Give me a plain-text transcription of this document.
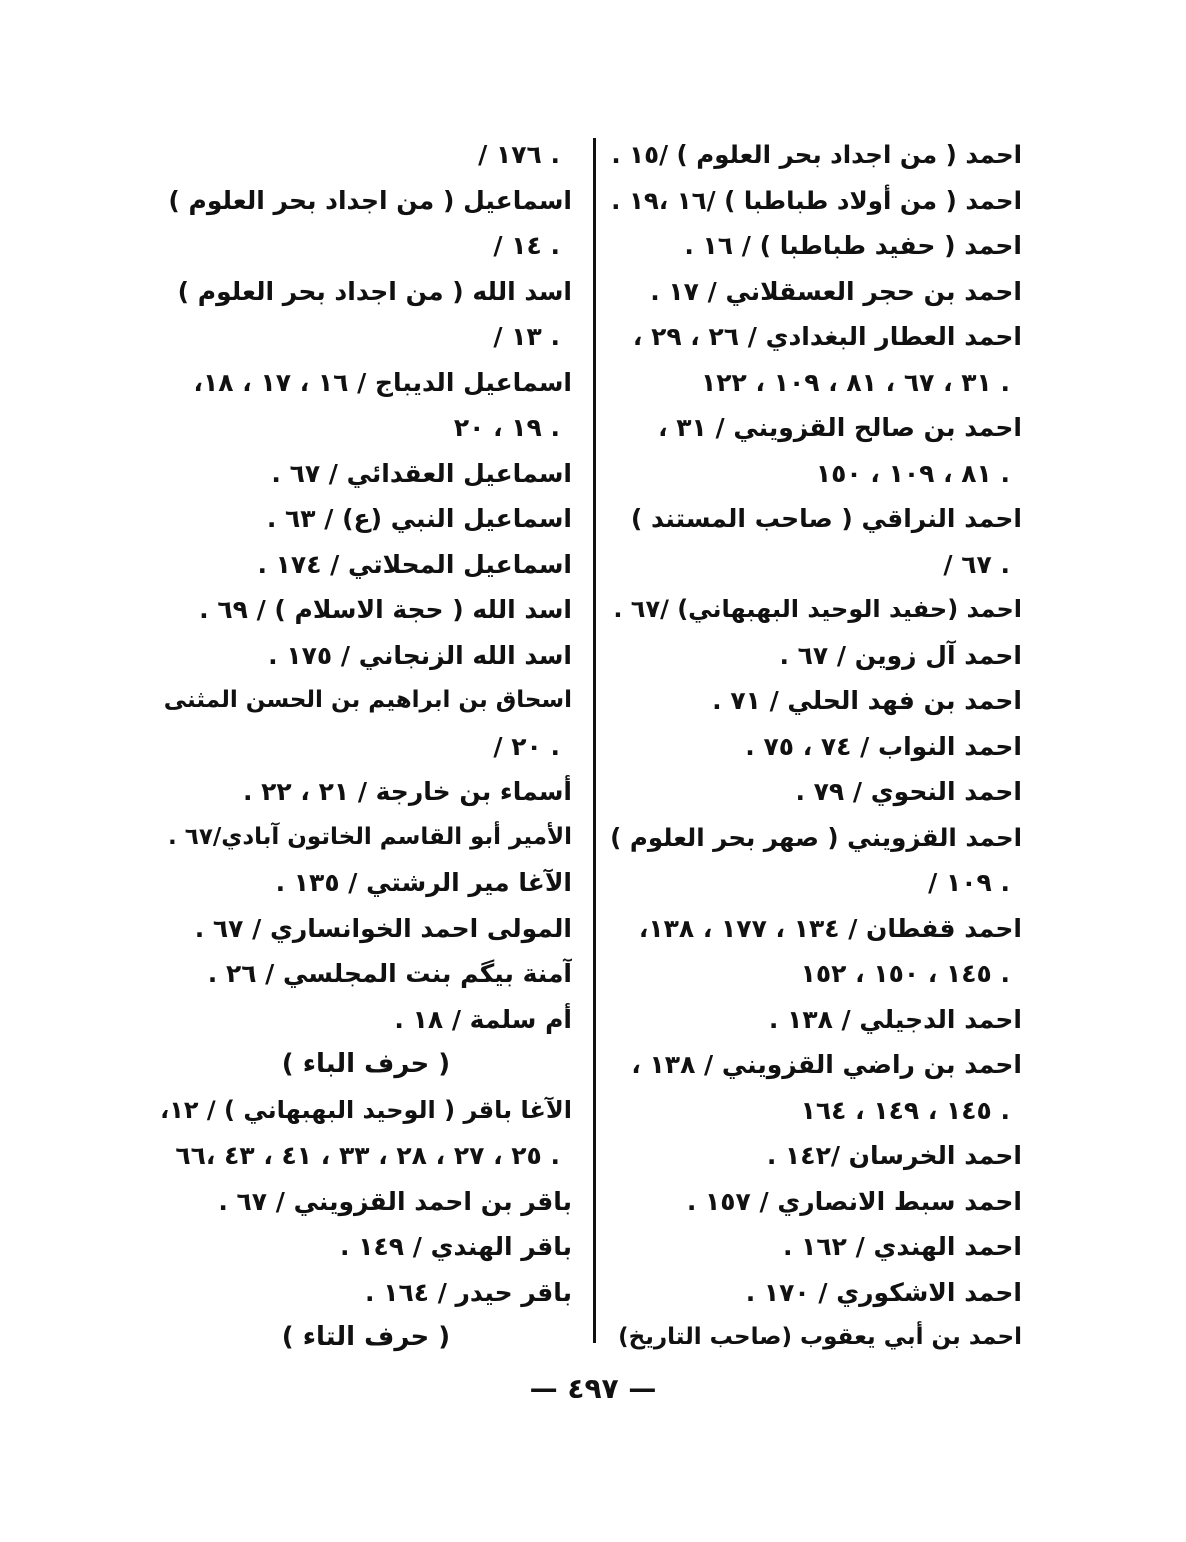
احمد ( من اجداد بحر العلوم ) /١٥ .
احمد ( من أولاد طباطبا ) /١٦ ،١٩ .
احمد ( حفيد طباطبا ) / ١٦ .
احمد بن حجر العسقلاني / ١٧ .
احمد العطار البغدادي / ٢٦ ، ٢٩ ،
٣١ ، ٦٧ ، ٨١ ، ١٠٩ ، ١٢٢ .
احمد بن صالح القزويني / ٣١ ،
٨١ ، ١٠٩ ، ١٥٠ .
احمد النراقي ( صاحب المستند )
/ ٦٧ .
احمد (حفيد الوحيد البهبهاني) /٦٧ .
احمد آل زوين / ٦٧ .
احمد بن فهد الحلي / ٧١ .
احمد النواب / ٧٤ ، ٧٥ .
احمد النحوي / ٧٩ .
احمد القزويني ( صهر بحر العلوم )
/ ١٠٩ .
احمد قفطان / ١٣٤ ، ١٧٧ ، ١٣٨،
١٤٥ ، ١٥٠ ، ١٥٢ .
احمد الدجيلي / ١٣٨ .
احمد بن راضي القزويني / ١٣٨ ،
١٤٥ ، ١٤٩ ، ١٦٤ .
احمد الخرسان /١٤٢ .
احمد سبط الانصاري / ١٥٧ .
احمد الهندي / ١٦٢ .
احمد الاشكوري / ١٧٠ .
احمد بن أبي يعقوب (صاحب التاريخ)
/ ١٧٦ .
اسماعيل ( من اجداد بحر العلوم )
/ ١٤ .
اسد الله ( من اجداد بحر العلوم )
/ ١٣ .
اسماعيل الديباج / ١٦ ، ١٧ ، ١٨،
١٩ ، ٢٠ .
اسماعيل العقدائي / ٦٧ .
اسماعيل النبي (ع) / ٦٣ .
اسماعيل المحلاتي / ١٧٤ .
اسد الله ( حجة الاسلام ) / ٦٩ .
اسد الله الزنجاني / ١٧٥ .
اسحاق بن ابراهيم بن الحسن المثنى
/ ٢٠ .
أسماء بن خارجة / ٢١ ، ٢٢ .
الأمير أبو القاسم الخاتون آبادي/٦٧ .
الآغا مير الرشتي / ١٣٥ .
المولى احمد الخوانساري / ٦٧ .
آمنة بيگم بنت المجلسي / ٢٦ .
أم سلمة / ١٨ .
( حرف الباء )
الآغا باقر ( الوحيد البهبهاني ) / ١٢،
٢٥ ، ٢٧ ، ٢٨ ، ٣٣ ، ٤١ ، ٤٣ ،٦٦ .
باقر بن احمد القزويني / ٦٧ .
باقر الهندي / ١٤٩ .
باقر حيدر / ١٦٤ .
( حرف التاء )
— ٤٩٧ —
